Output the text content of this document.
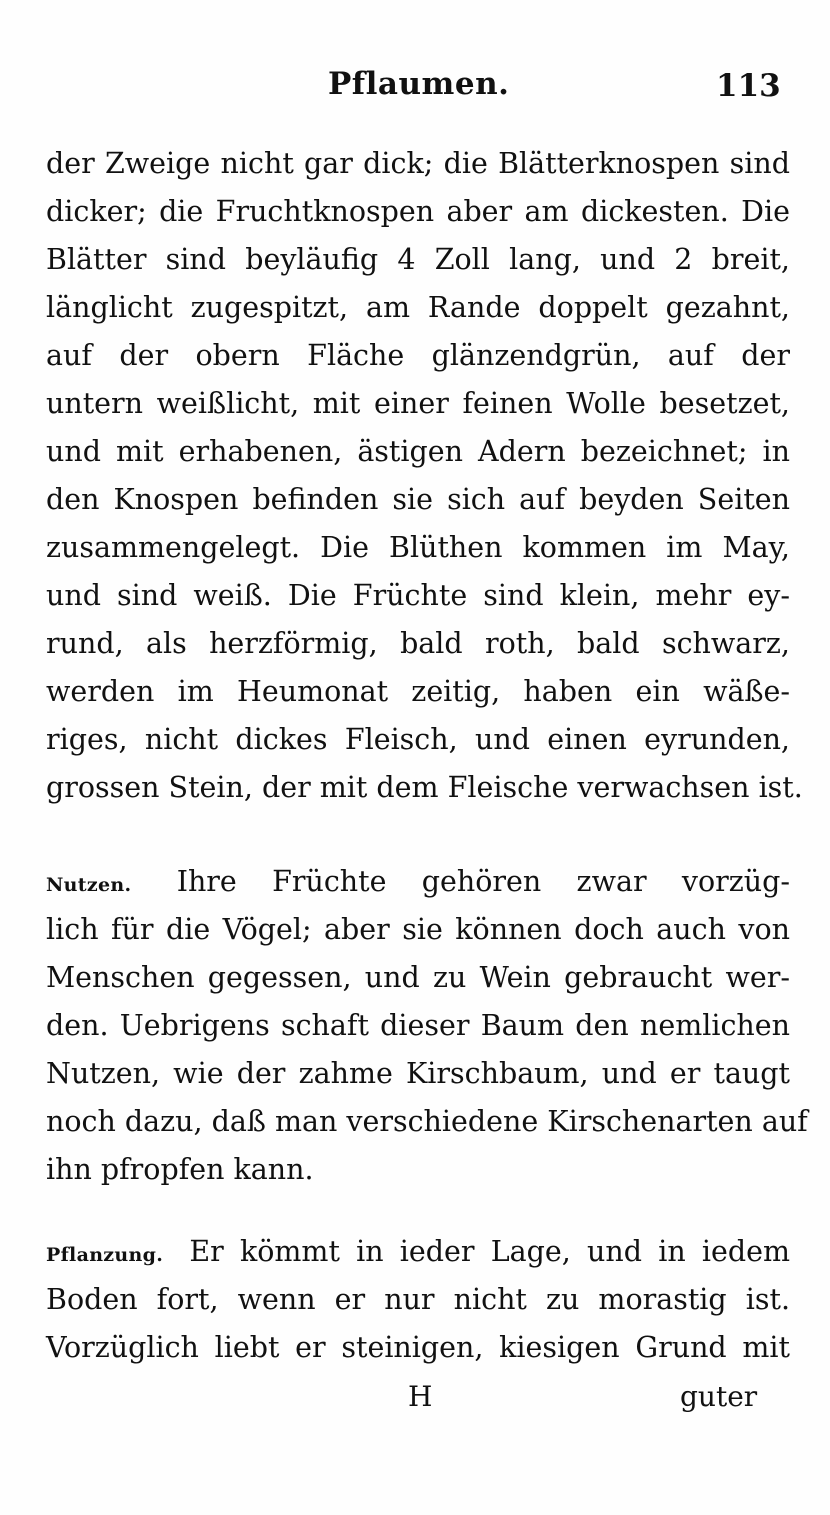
Pflaumen.	113
der Zweige nicht gar dick; die Blätterknospen sind
dicker; die Fruchtknospen aber am dickesten. Die
Blätter sind beyläufig 4 Zoll lang, und 2 breit,
länglicht zugespitzt, am Rande doppelt gezahnt,
auf der obern Fläche glänzendgrün, auf der
untern weißlicht, mit einer feinen Wolle besetzet,
und mit erhabenen, ästigen Adern bezeichnet; in
den Knospen befinden sie sich auf beyden Seiten
zusammengelegt. Die Blüthen kommen im May,
und sind weiß. Die Früchte sind klein, mehr ey-
rund, als herzförmig, bald roth, bald schwarz,
werden im Heumonat zeitig, haben ein wäße-
riges, nicht dickes Fleisch, und einen eyrunden,
grossen Stein, der mit dem Fleische verwachsen ist.
Nutzen. Ihre Früchte gehören zwar vorzüg-
lich für die Vögel; aber sie können doch auch von
Menschen gegessen, und zu Wein gebraucht wer-
den. Uebrigens schaft dieser Baum den nemlichen
Nutzen, wie der zahme Kirschbaum, und er taugt
noch dazu, daß man verschiedene Kirschenarten auf
ihn pfropfen kann.
Pflanzung. Er kömmt in ieder Lage, und in iedem
Boden fort, wenn er nur nicht zu morastig ist.
Vorzüglich liebt er steinigen, kiesigen Grund mit
H	guter
